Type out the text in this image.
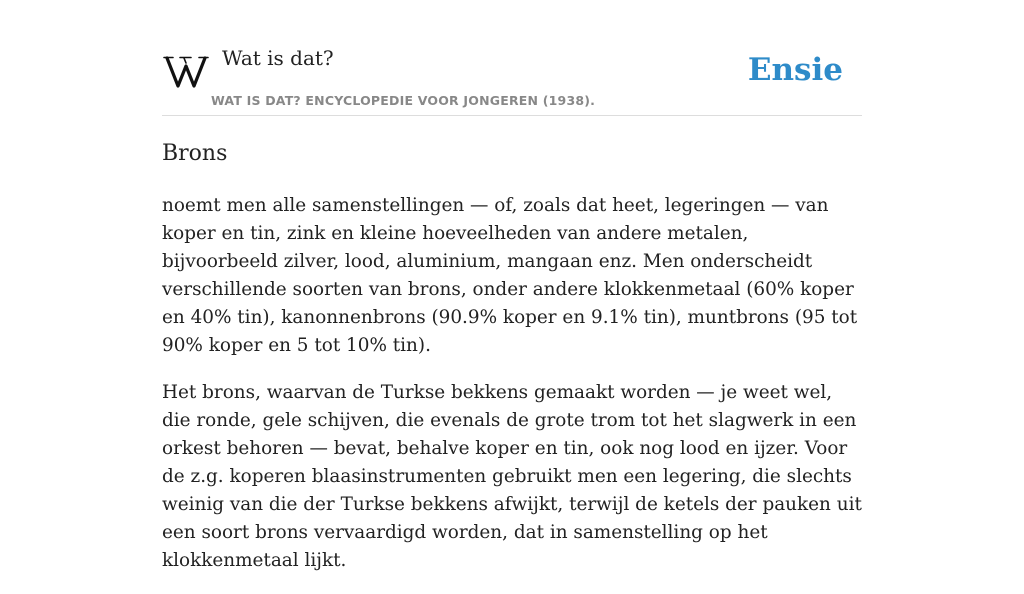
Wat is dat?
WAT IS DAT? ENCYCLOPEDIE VOOR JONGEREN (1938).
Ensie
Brons

noemt men alle samenstellingen — of, zoals dat heet, legeringen — van koper en tin, zink en kleine hoeveelheden van andere metalen, bijvoorbeeld zilver, lood, aluminium, mangaan enz. Men onderscheidt verschillende soorten van brons, onder andere klokkenmetaal (60% koper en 40% tin), kanonnenbrons (90.9% koper en 9.1% tin), muntbrons (95 tot 90% koper en 5 tot 10% tin).

Het brons, waarvan de Turkse bekkens gemaakt worden — je weet wel, die ronde, gele schijven, die evenals de grote trom tot het slagwerk in een orkest behoren — bevat, behalve koper en tin, ook nog lood en ijzer. Voor de z.g. koperen blaasinstrumenten gebruikt men een legering, die slechts weinig van die der Turkse bekkens afwijkt, terwijl de ketels der pauken uit een soort brons vervaardigd worden, dat in samenstelling op het klokkenmetaal lijkt.
